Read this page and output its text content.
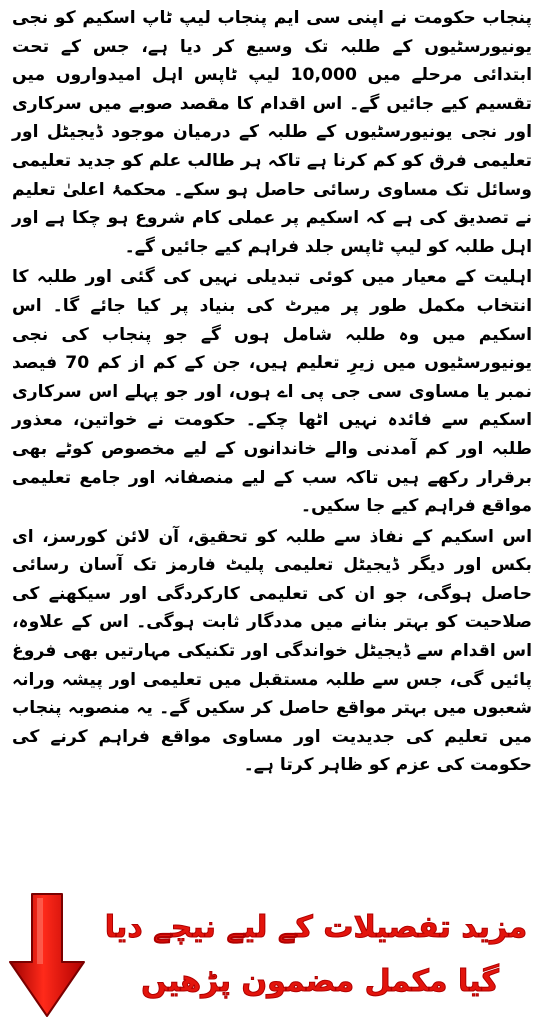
پنجاب حکومت نے اپنی سی ایم پنجاب لیپ ٹاپ اسکیم کو نجی یونیورسٹیوں کے طلبہ تک وسیع کر دیا ہے، جس کے تحت ابتدائی مرحلے میں 10,000 لیپ ٹاپس اہل امیدواروں میں تقسیم کیے جائیں گے۔ اس اقدام کا مقصد صوبے میں سرکاری اور نجی یونیورسٹیوں کے طلبہ کے درمیان موجود ڈیجیٹل اور تعلیمی فرق کو کم کرنا ہے تاکہ ہر طالب علم کو جدید تعلیمی وسائل تک مساوی رسائی حاصل ہو سکے۔ محکمۂ اعلیٰ تعلیم نے تصدیق کی ہے کہ اسکیم پر عملی کام شروع ہو چکا ہے اور اہل طلبہ کو لیپ ٹاپس جلد فراہم کیے جائیں گے۔

اہلیت کے معیار میں کوئی تبدیلی نہیں کی گئی اور طلبہ کا انتخاب مکمل طور پر میرٹ کی بنیاد پر کیا جائے گا۔ اس اسکیم میں وہ طلبہ شامل ہوں گے جو پنجاب کی نجی یونیورسٹیوں میں زیرِ تعلیم ہیں، جن کے کم از کم 70 فیصد نمبر یا مساوی سی جی پی اے ہوں، اور جو پہلے اس سرکاری اسکیم سے فائدہ نہیں اٹھا چکے۔ حکومت نے خواتین، معذور طلبہ اور کم آمدنی والے خاندانوں کے لیے مخصوص کوٹے بھی برقرار رکھے ہیں تاکہ سب کے لیے منصفانہ اور جامع تعلیمی مواقع فراہم کیے جا سکیں۔

اس اسکیم کے نفاذ سے طلبہ کو تحقیق، آن لائن کورسز، ای بکس اور دیگر ڈیجیٹل تعلیمی پلیٹ فارمز تک آسان رسائی حاصل ہوگی، جو ان کی تعلیمی کارکردگی اور سیکھنے کی صلاحیت کو بہتر بنانے میں مددگار ثابت ہوگی۔ اس کے علاوہ، اس اقدام سے ڈیجیٹل خواندگی اور تکنیکی مہارتیں بھی فروغ پائیں گی، جس سے طلبہ مستقبل میں تعلیمی اور پیشہ ورانہ شعبوں میں بہتر مواقع حاصل کر سکیں گے۔ یہ منصوبہ پنجاب میں تعلیم کی جدیدیت اور مساوی مواقع فراہم کرنے کی حکومت کی عزم کو ظاہر کرتا ہے۔

مزید تفصیلات کے لیے نیچے دیا
گیا مکمل مضمون پڑھیں
